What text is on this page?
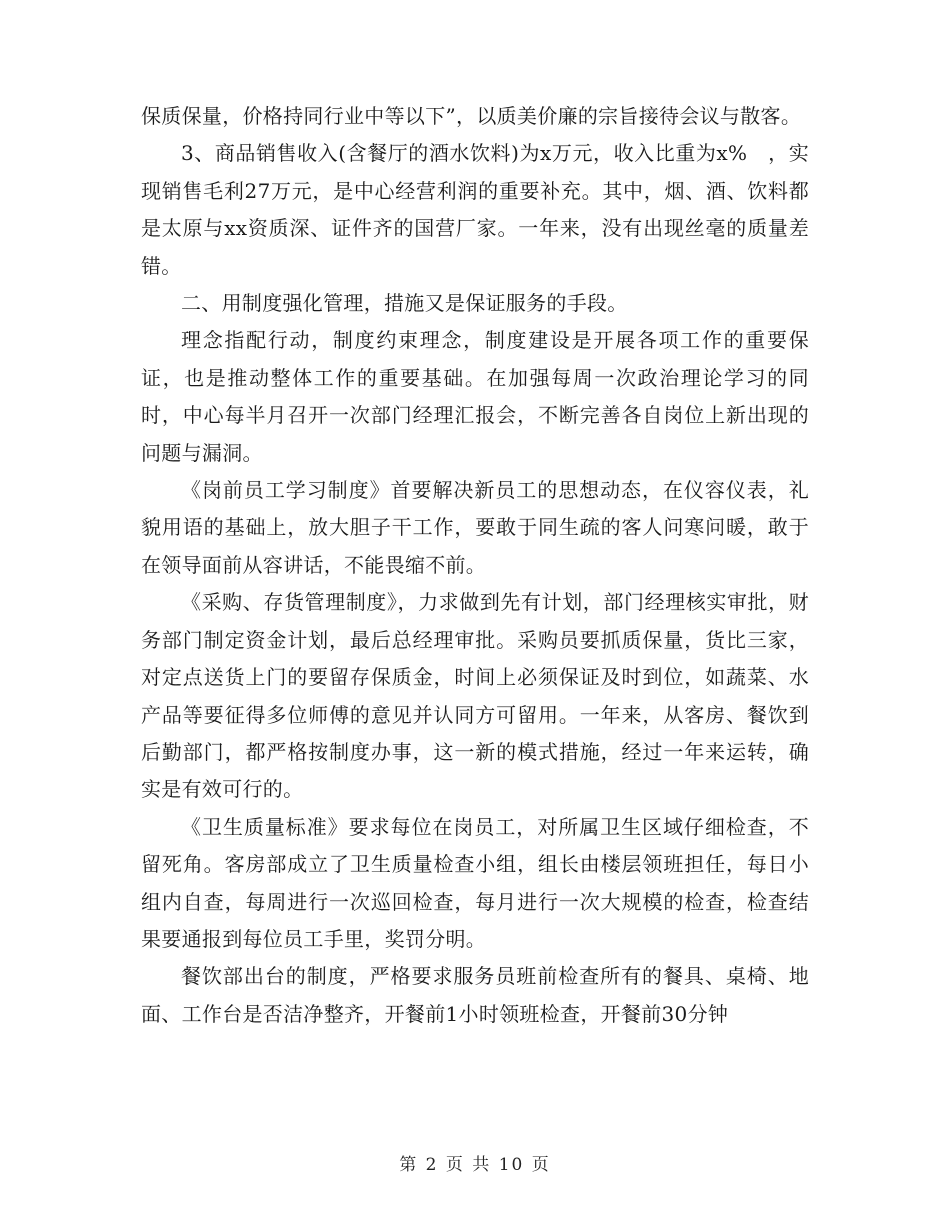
保质保量，价格持同行业中等以下”，以质美价廉的宗旨接待会议与散客。

3、商品销售收入(含餐厅的酒水饮料)为x万元，收入比重为x%　，实现销售毛利27万元，是中心经营利润的重要补充。其中，烟、酒、饮料都是太原与xx资质深、证件齐的国营厂家。一年来，没有出现丝毫的质量差错。

二、用制度强化管理，措施又是保证服务的手段。

理念指配行动，制度约束理念，制度建设是开展各项工作的重要保证，也是推动整体工作的重要基础。在加强每周一次政治理论学习的同时，中心每半月召开一次部门经理汇报会，不断完善各自岗位上新出现的问题与漏洞。

《岗前员工学习制度》首要解决新员工的思想动态，在仪容仪表，礼貌用语的基础上，放大胆子干工作，要敢于同生疏的客人问寒问暖，敢于在领导面前从容讲话，不能畏缩不前。

《采购、存货管理制度》，力求做到先有计划，部门经理核实审批，财务部门制定资金计划，最后总经理审批。采购员要抓质保量，货比三家，对定点送货上门的要留存保质金，时间上必须保证及时到位，如蔬菜、水产品等要征得多位师傅的意见并认同方可留用。一年来，从客房、餐饮到后勤部门，都严格按制度办事，这一新的模式措施，经过一年来运转，确实是有效可行的。

《卫生质量标准》要求每位在岗员工，对所属卫生区域仔细检查，不留死角。客房部成立了卫生质量检查小组，组长由楼层领班担任，每日小组内自查，每周进行一次巡回检查，每月进行一次大规模的检查，检查结果要通报到每位员工手里，奖罚分明。

餐饮部出台的制度，严格要求服务员班前检查所有的餐具、桌椅、地面、工作台是否洁净整齐，开餐前1小时领班检查，开餐前30分钟

第 2 页 共 10 页
